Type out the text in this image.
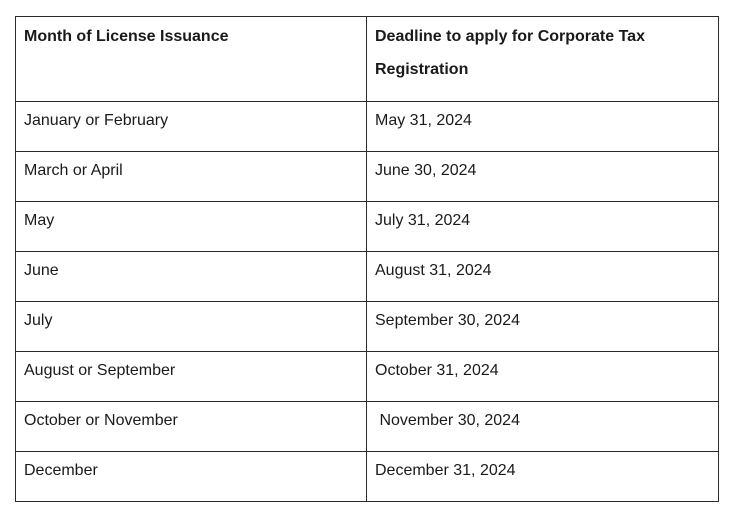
Month of License Issuance	Deadline to apply for Corporate Tax Registration
January or February	May 31, 2024
March or April	June 30, 2024
May	July 31, 2024
June	August 31, 2024
July	September 30, 2024
August or September	October 31, 2024
October or November	November 30, 2024
December	December 31, 2024
